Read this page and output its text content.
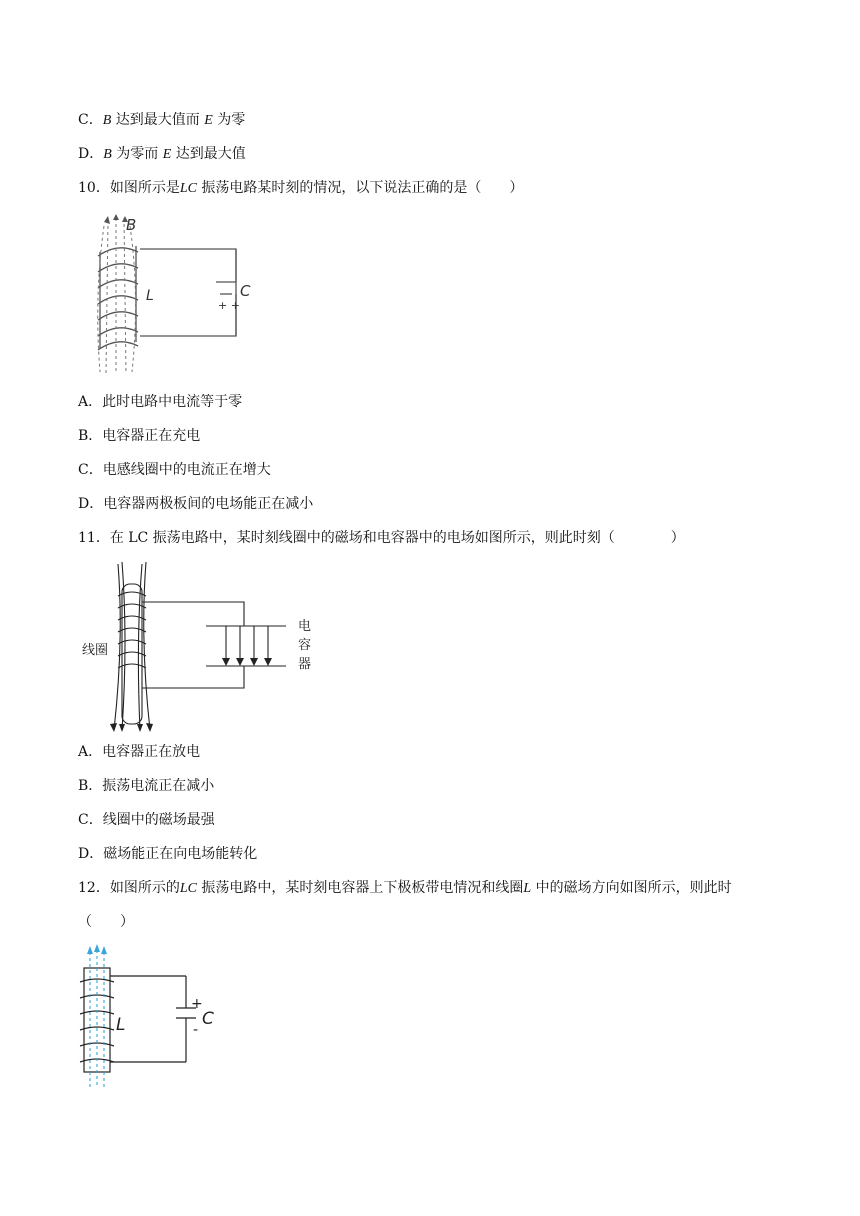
C．B 达到最大值而 E 为零
D．B 为零而 E 达到最大值
10．如图所示是LC 振荡电路某时刻的情况，以下说法正确的是（　　）
B
L	C
+ +
A．此时电路中电流等于零
B．电容器正在充电
C．电感线圈中的电流正在增大
D．电容器两极板间的电场能正在减小
11．在 LC 振荡电路中，某时刻线圈中的磁场和电容器中的电场如图所示，则此时刻（　　　　）
线圈
电
容
器
A．电容器正在放电
B．振荡电流正在减小
C．线圈中的磁场最强
D．磁场能正在向电场能转化
12．如图所示的LC 振荡电路中，某时刻电容器上下极板带电情况和线圈L 中的磁场方向如图所示，则此时
（　　）
L	C
+
-
